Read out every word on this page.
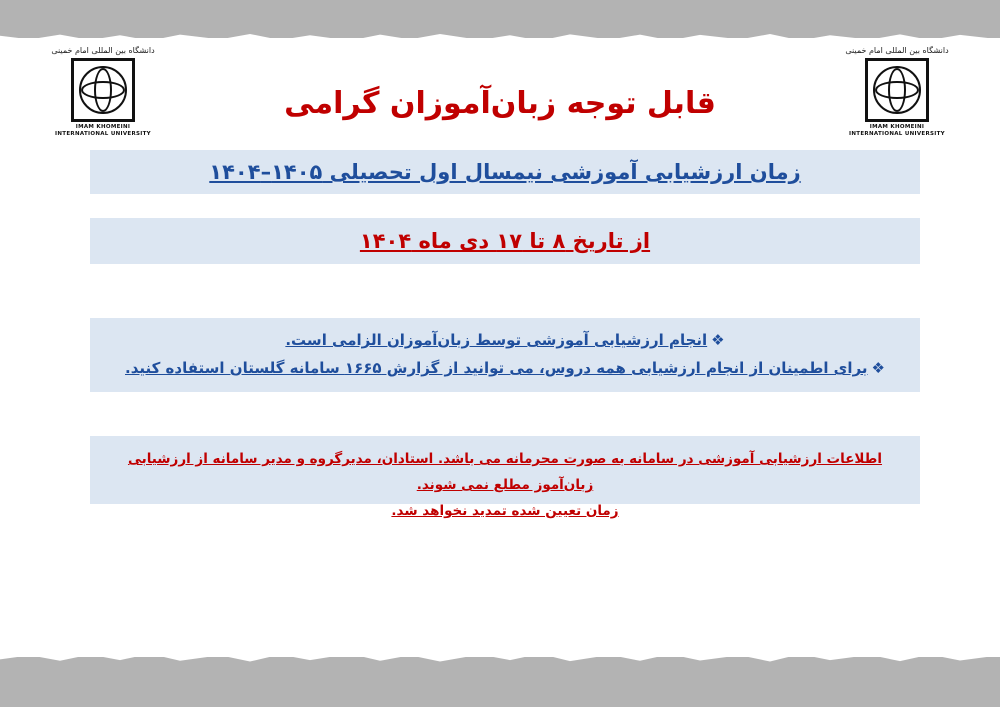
دانشگاه بین المللی امام خمینی
IMAM KHOMEINI
INTERNATIONAL UNIVERSITY
دانشگاه بین المللی امام خمینی
IMAM KHOMEINI
INTERNATIONAL UNIVERSITY
قابل توجه زبان‌آموزان گرامی
زمان ارزشیابی آموزشی نیمسال اول تحصیلی ۱۴۰۵–۱۴۰۴
از تاریخ ۸ تا ۱۷ دی ماه ۱۴۰۴
❖انجام ارزشیابی آموزشی توسط زبان‌آموزان الزامی است.
❖برای اطمینان از انجام ارزشیابی همه دروس، می توانید از گزارش ۱۶۶۵ سامانه گلستان استفاده کنید.
اطلاعات ارزشیابی آموزشی در سامانه به صورت محرمانه می باشد. استادان، مدیرگروه و مدیر سامانه از ارزشیابی زبان‌آموز مطلع نمی شوند.
زمان تعیین شده تمدید نخواهد شد.
